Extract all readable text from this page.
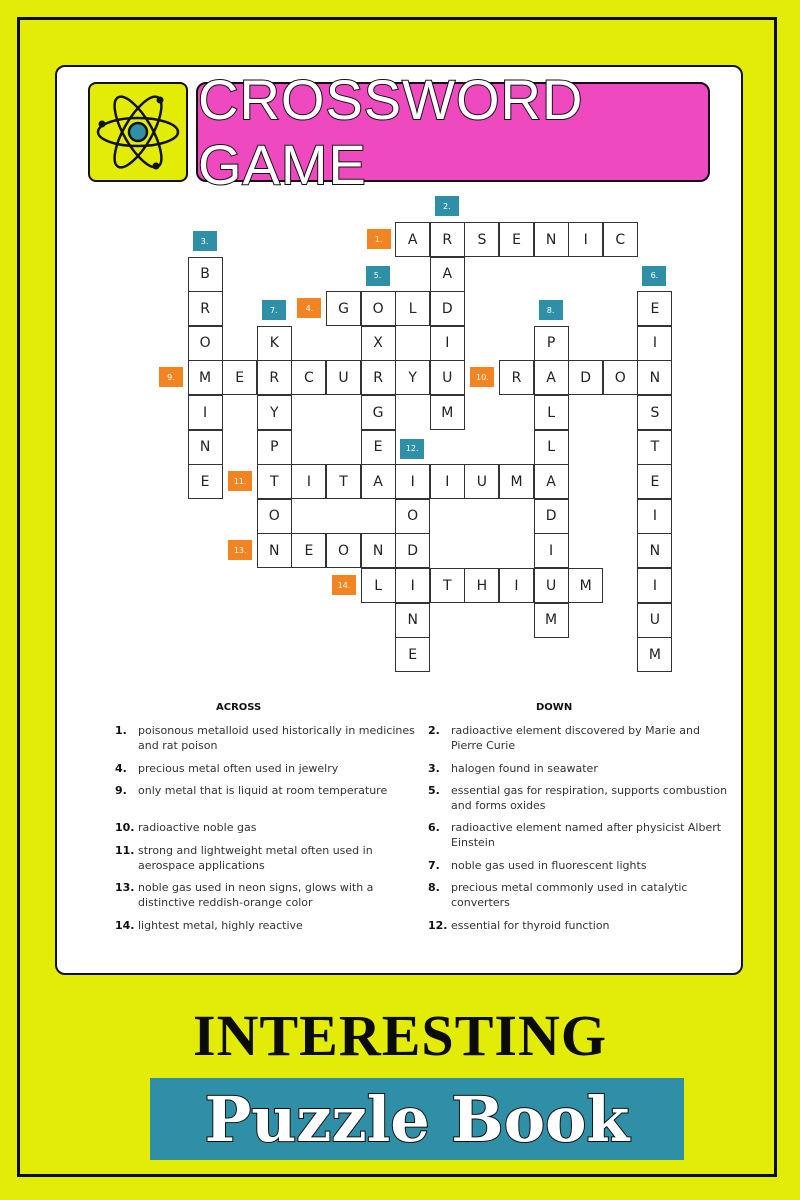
CROSSWORD GAME
A	R	S	E	N	I	C
A
D
I
U
M
B
R
O
M
I
N
E
G	O	L
X
R
G
E
A
E
I
N
S
T
E
I
N
I
U
M
K
R
Y
P
T
O
N
P
A
L
L
A
D
I
U
M
E	C	U	Y	R	D	O
I	T	I	I	U	M
O
D
I
N
E
E	O	N
L	T	H	I	M
1.
2.
3.
4.
5.	6.
7.	8.
9.	10.
11.
12.
13.
14.
ACROSS	DOWN
1. poisonous metalloid used historically in medicines and rat poison
4. precious metal often used in jewelry
9. only metal that is liquid at room temperature
10. radioactive noble gas
11. strong and lightweight metal often used in aerospace applications
13. noble gas used in neon signs, glows with a distinctive reddish-orange color
14. lightest metal, highly reactive
2. radioactive element discovered by Marie and Pierre Curie
3. halogen found in seawater
5. essential gas for respiration, supports combustion and forms oxides
6. radioactive element named after physicist Albert Einstein
7. noble gas used in fluorescent lights
8. precious metal commonly used in catalytic converters
12. essential for thyroid function
INTERESTING
Puzzle Book
